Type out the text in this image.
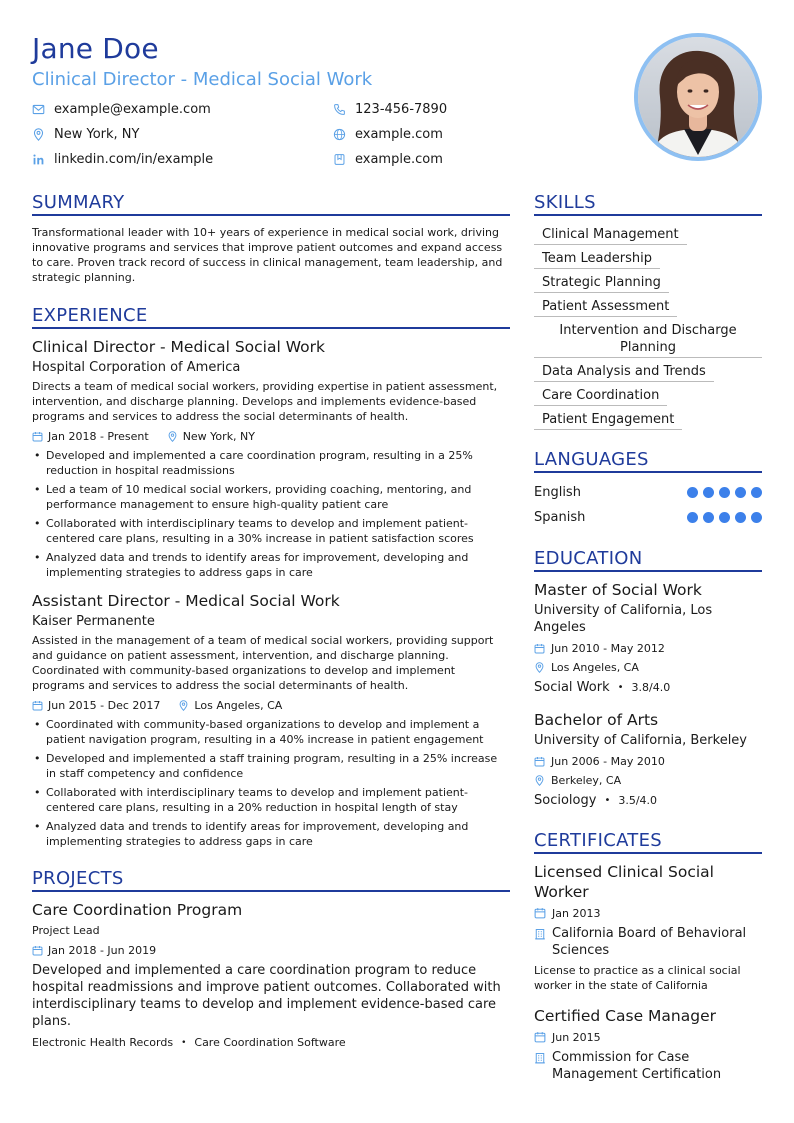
Jane Doe
Clinical Director - Medical Social Work
example@example.com	123-456-7890
New York, NY	example.com
linkedin.com/in/example	example.com
SUMMARY
Transformational leader with 10+ years of experience in medical social work, driving innovative programs and services that improve patient outcomes and expand access to care. Proven track record of success in clinical management, team leadership, and strategic planning.
EXPERIENCE
Clinical Director - Medical Social Work
Hospital Corporation of America
Directs a team of medical social workers, providing expertise in patient assessment, intervention, and discharge planning. Develops and implements evidence-based programs and services to address the social determinants of health.
Jan 2018 - Present	New York, NY
• Developed and implemented a care coordination program, resulting in a 25% reduction in hospital readmissions
• Led a team of 10 medical social workers, providing coaching, mentoring, and performance management to ensure high-quality patient care
• Collaborated with interdisciplinary teams to develop and implement patient-centered care plans, resulting in a 30% increase in patient satisfaction scores
• Analyzed data and trends to identify areas for improvement, developing and implementing strategies to address gaps in care
Assistant Director - Medical Social Work
Kaiser Permanente
Assisted in the management of a team of medical social workers, providing support and guidance on patient assessment, intervention, and discharge planning. Coordinated with community-based organizations to develop and implement programs and services to address the social determinants of health.
Jun 2015 - Dec 2017	Los Angeles, CA
• Coordinated with community-based organizations to develop and implement a patient navigation program, resulting in a 40% increase in patient engagement
• Developed and implemented a staff training program, resulting in a 25% increase in staff competency and confidence
• Collaborated with interdisciplinary teams to develop and implement patient-centered care plans, resulting in a 20% reduction in hospital length of stay
• Analyzed data and trends to identify areas for improvement, developing and implementing strategies to address gaps in care
PROJECTS
Care Coordination Program
Project Lead
Jan 2018 - Jun 2019
Developed and implemented a care coordination program to reduce hospital readmissions and improve patient outcomes. Collaborated with interdisciplinary teams to develop and implement evidence-based care plans.
Electronic Health Records • Care Coordination Software
SKILLS
Clinical Management
Team Leadership
Strategic Planning
Patient Assessment
Intervention and Discharge Planning
Data Analysis and Trends
Care Coordination
Patient Engagement
LANGUAGES
English
Spanish
EDUCATION
Master of Social Work
University of California, Los Angeles
Jun 2010 - May 2012
Los Angeles, CA
Social Work • 3.8/4.0
Bachelor of Arts
University of California, Berkeley
Jun 2006 - May 2010
Berkeley, CA
Sociology • 3.5/4.0
CERTIFICATES
Licensed Clinical Social Worker
Jan 2013
California Board of Behavioral Sciences
License to practice as a clinical social worker in the state of California
Certified Case Manager
Jun 2015
Commission for Case Management Certification
